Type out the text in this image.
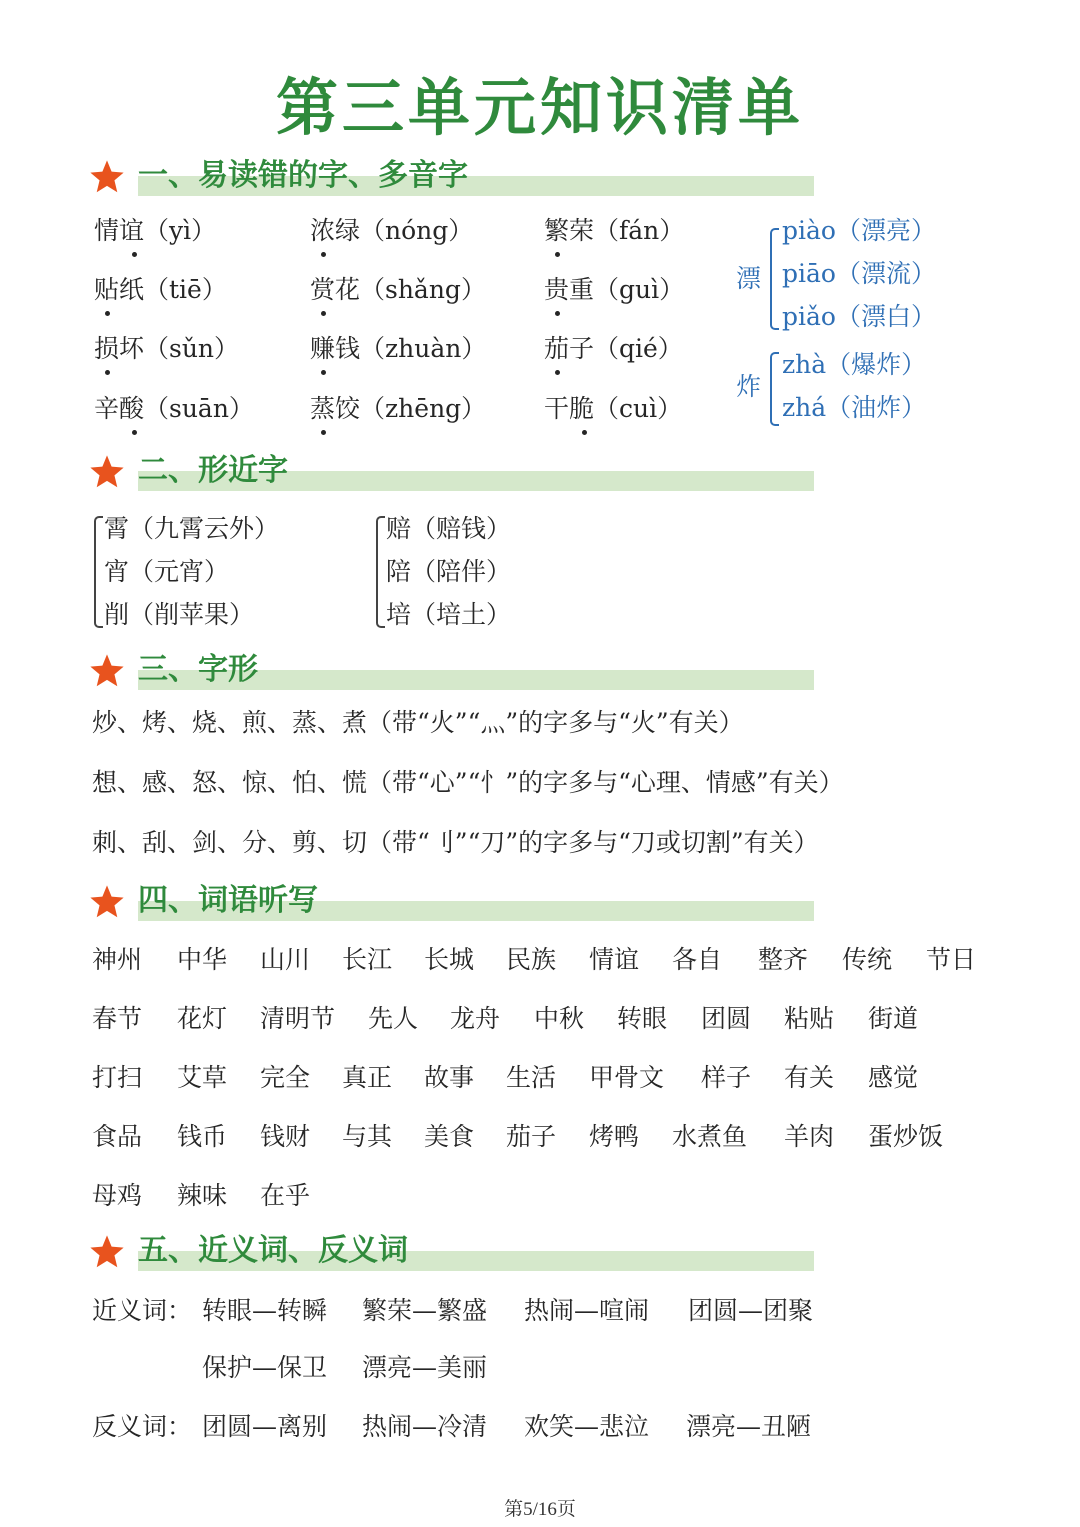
第三单元知识清单
一、易读错的字、多音字
二、形近字
三、字形
四、词语听写
五、近义词、反义词
情谊（yì）	浓绿（nóng）	繁荣（fán）
贴纸（tiē）	赏花（shǎng） 贵重（guì）
损坏（sǔn）	赚钱（zhuàn） 茄子（qié）
辛酸（suān） 蒸饺（zhēng） 干脆（cuì）
漂
piào（漂亮）
piāo（漂流）
piǎo（漂白）
炸
zhà（爆炸）
zhá（油炸）
霄（九霄云外）
宵（元宵）
削（削苹果）
赔（赔钱）
陪（陪伴）
培（培土）
炒、烤、烧、煎、蒸、煮（带“火”“灬”的字多与“火”有关）
想、感、怒、惊、怕、慌（带“心”“忄”的字多与“心理、情感”有关）
刺、刮、剑、分、剪、切（带“刂”“刀”的字多与“刀或切割”有关）
神州 中华 山川 长江 长城 民族 情谊 各自 整齐 传统 节日
春节 花灯 清明节 先人 龙舟 中秋 转眼 团圆 粘贴 街道
打扫 艾草 完全 真正 故事 生活 甲骨文 样子 有关 感觉
食品 钱币 钱财 与其 美食 茄子 烤鸭 水煮鱼 羊肉 蛋炒饭
母鸡 辣味 在乎
近义词： 转眼—转瞬 繁荣—繁盛 热闹—喧闹 团圆—团聚
保护—保卫 漂亮—美丽
反义词： 团圆—离别 热闹—冷清 欢笑—悲泣 漂亮—丑陋
第5/16页
